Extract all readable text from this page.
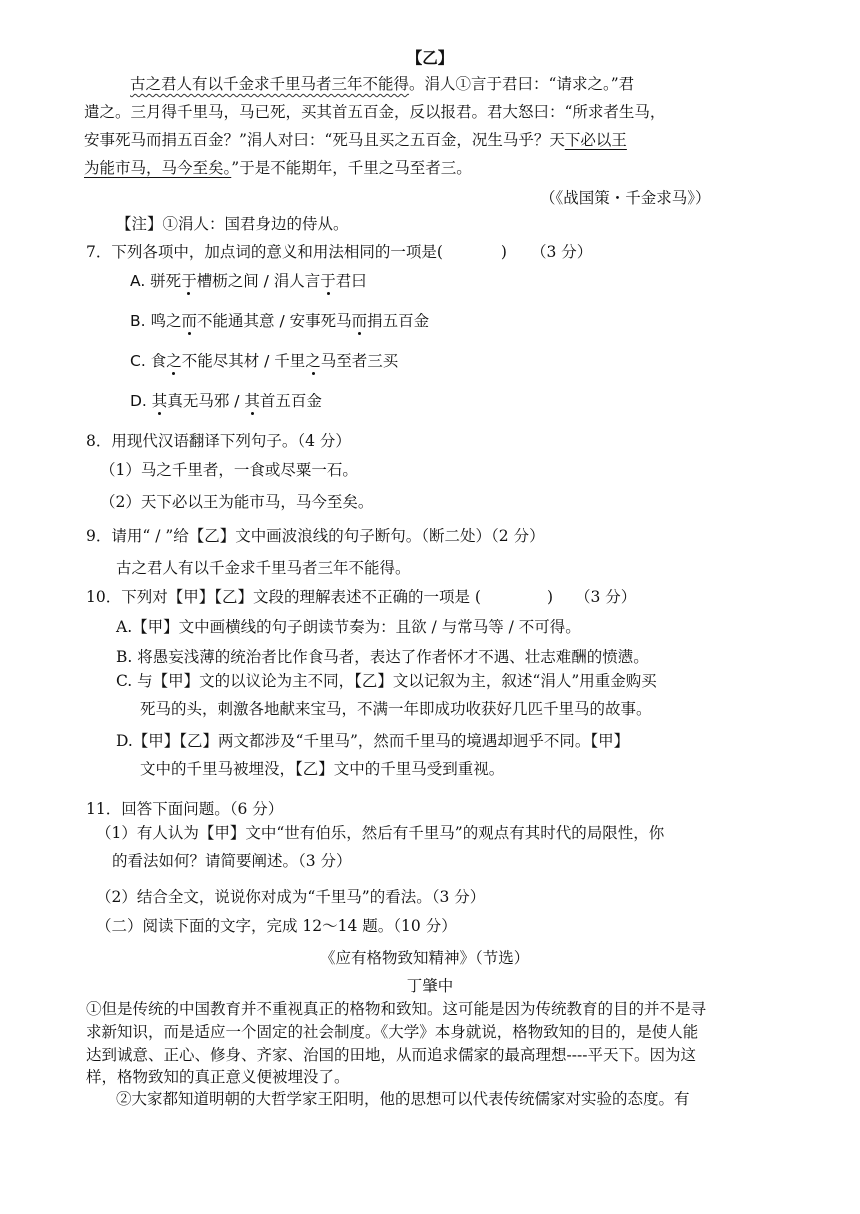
【乙】
古之君人有以千金求千里马者三年不能得。涓人①言于君曰：“请求之。”君
遣之。三月得千里马，马已死，买其首五百金，反以报君。君大怒曰：“所求者生马，
安事死马而捐五百金？”涓人对曰：“死马且买之五百金，况生马乎？天下必以王
为能市马，马今至矣。”于是不能期年，千里之马至者三。
（《战国策・千金求马》）
【注】①涓人：国君身边的侍从。
7．下列各项中，加点词的意义和用法相同的一项是(	) （3 分）
A. 骈死于槽枥之间 / 涓人言于君曰
B. 鸣之而不能通其意 / 安事死马而捐五百金
C. 食之不能尽其材 / 千里之马至者三买
D. 其真无马邪 / 其首五百金
8．用现代汉语翻译下列句子。（4 分）
（1）马之千里者，一食或尽粟一石。
（2）天下必以王为能市马，马今至矣。
9．请用“ / ”给【乙】文中画波浪线的句子断句。（断二处）（2 分）
古之君人有以千金求千里马者三年不能得。
10．下列对【甲】【乙】文段的理解表述不正确的一项是 (	) （3 分）
A.【甲】文中画横线的句子朗读节奏为：且欲 / 与常马等 / 不可得。
B. 将愚妄浅薄的统治者比作食马者，表达了作者怀才不遇、壮志难酬的愤懑。
C. 与【甲】文的以议论为主不同，【乙】文以记叙为主，叙述“涓人”用重金购买
死马的头，刺激各地献来宝马，不满一年即成功收获好几匹千里马的故事。
D.【甲】【乙】两文都涉及“千里马”，然而千里马的境遇却迥乎不同。【甲】
文中的千里马被埋没，【乙】文中的千里马受到重视。
11．回答下面问题。（6 分）
（1）有人认为【甲】文中“世有伯乐，然后有千里马”的观点有其时代的局限性，你
的看法如何？请简要阐述。（3 分）
（2）结合全文，说说你对成为“千里马”的看法。（3 分）
（二）阅读下面的文字，完成 12～14 题。（10 分）
《应有格物致知精神》（节选）
丁肇中
①但是传统的中国教育并不重视真正的格物和致知。这可能是因为传统教育的目的并不是寻
求新知识，而是适应一个固定的社会制度。《大学》本身就说，格物致知的目的，是使人能
达到诚意、正心、修身、齐家、治国的田地，从而追求儒家的最高理想----平天下。因为这
样，格物致知的真正意义便被埋没了。
②大家都知道明朝的大哲学家王阳明，他的思想可以代表传统儒家对实验的态度。有
